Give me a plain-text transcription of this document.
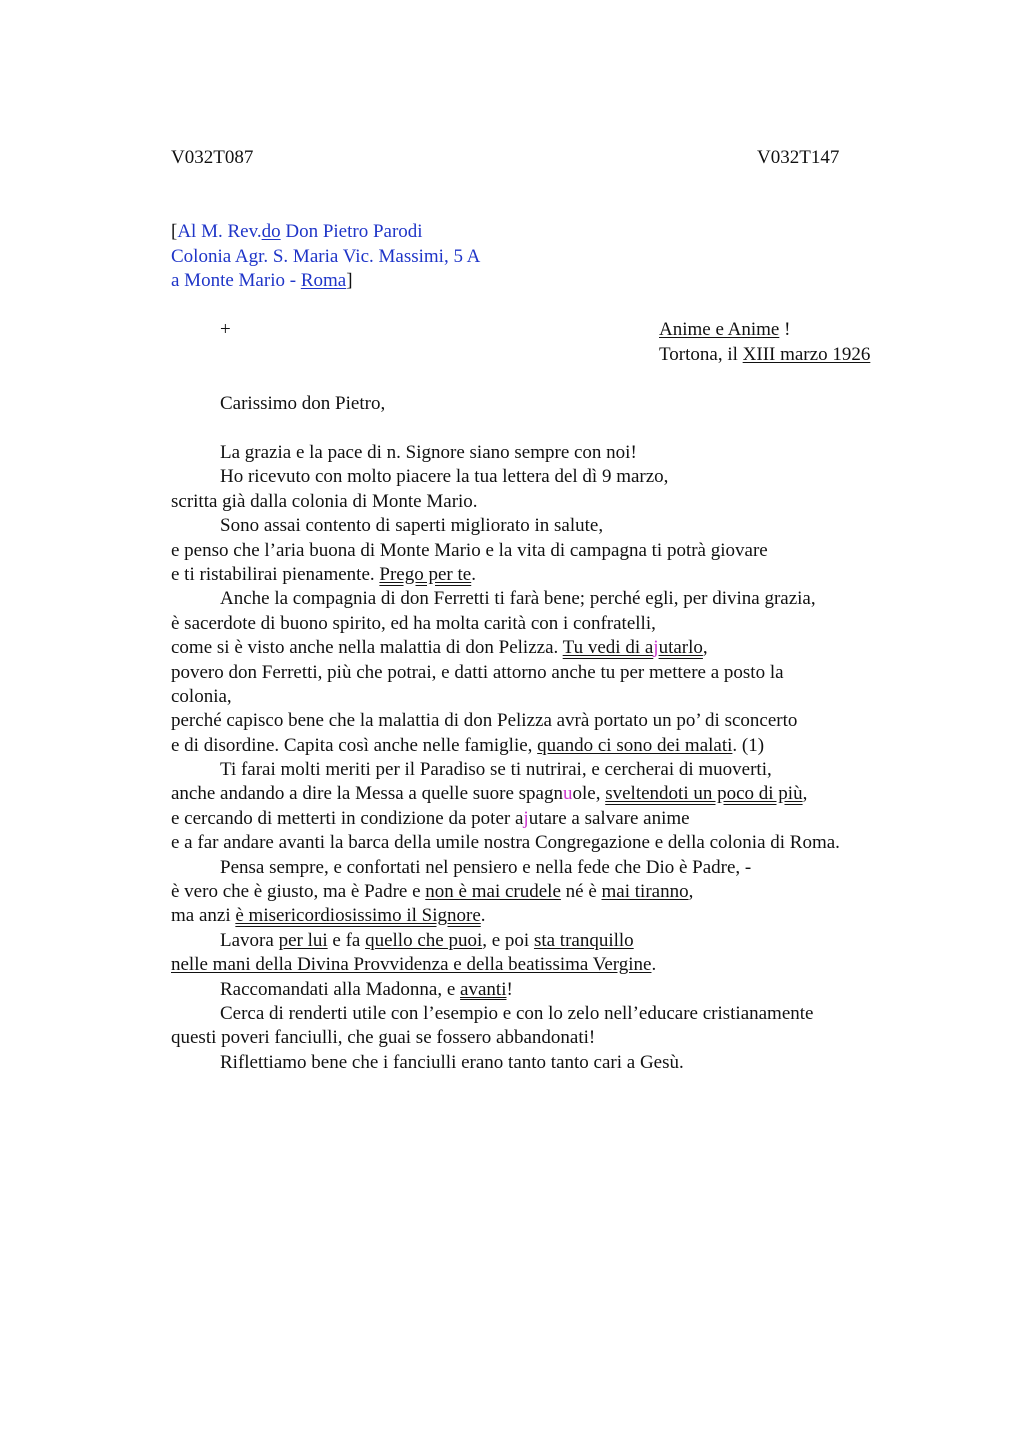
V032T087	V032T147
[Al M. Rev.do Don Pietro Parodi
Colonia Agr. S. Maria Vic. Massimi, 5 A
a Monte Mario - Roma]
+	Anime e Anime !
Tortona, il XIII marzo 1926
Carissimo don Pietro,
La grazia e la pace di n. Signore siano sempre con noi!
Ho ricevuto con molto piacere la tua lettera del dì 9 marzo,
scritta già dalla colonia di Monte Mario.
Sono assai contento di saperti migliorato in salute,
e penso che l’aria buona di Monte Mario e la vita di campagna ti potrà giovare
e ti ristabilirai pienamente. Prego per te.
Anche la compagnia di don Ferretti ti farà bene; perché egli, per divina grazia,
è sacerdote di buono spirito, ed ha molta carità con i confratelli,
come si è visto anche nella malattia di don Pelizza. Tu vedi di ajutarlo,
povero don Ferretti, più che potrai, e datti attorno anche tu per mettere a posto la
colonia,
perché capisco bene che la malattia di don Pelizza avrà portato un po’ di sconcerto
e di disordine. Capita così anche nelle famiglie, quando ci sono dei malati. (1)
Ti farai molti meriti per il Paradiso se ti nutrirai, e cercherai di muoverti,
anche andando a dire la Messa a quelle suore spagnuole, sveltendoti un poco di più,
e cercando di metterti in condizione da poter ajutare a salvare anime
e a far andare avanti la barca della umile nostra Congregazione e della colonia di Roma.
Pensa sempre, e confortati nel pensiero e nella fede che Dio è Padre, -
è vero che è giusto, ma è Padre e non è mai crudele né è mai tiranno,
ma anzi è misericordiosissimo il Signore.
Lavora per lui e fa quello che puoi, e poi sta tranquillo
nelle mani della Divina Provvidenza e della beatissima Vergine.
Raccomandati alla Madonna, e avanti!
Cerca di renderti utile con l’esempio e con lo zelo nell’educare cristianamente
questi poveri fanciulli, che guai se fossero abbandonati!
Riflettiamo bene che i fanciulli erano tanto tanto cari a Gesù.
